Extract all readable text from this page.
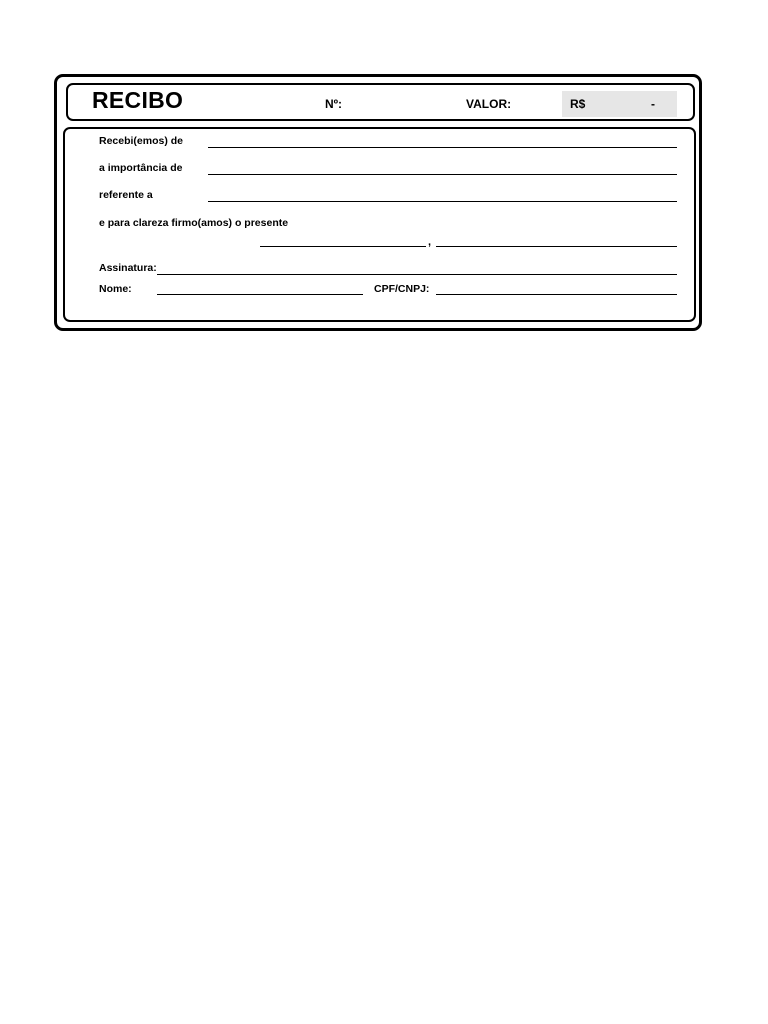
RECIBO	Nº:	VALOR:	R$	-
Recebi(emos) de
a importância de
referente a
e para clareza firmo(amos) o presente
,
Assinatura:
Nome:	CPF/CNPJ:
